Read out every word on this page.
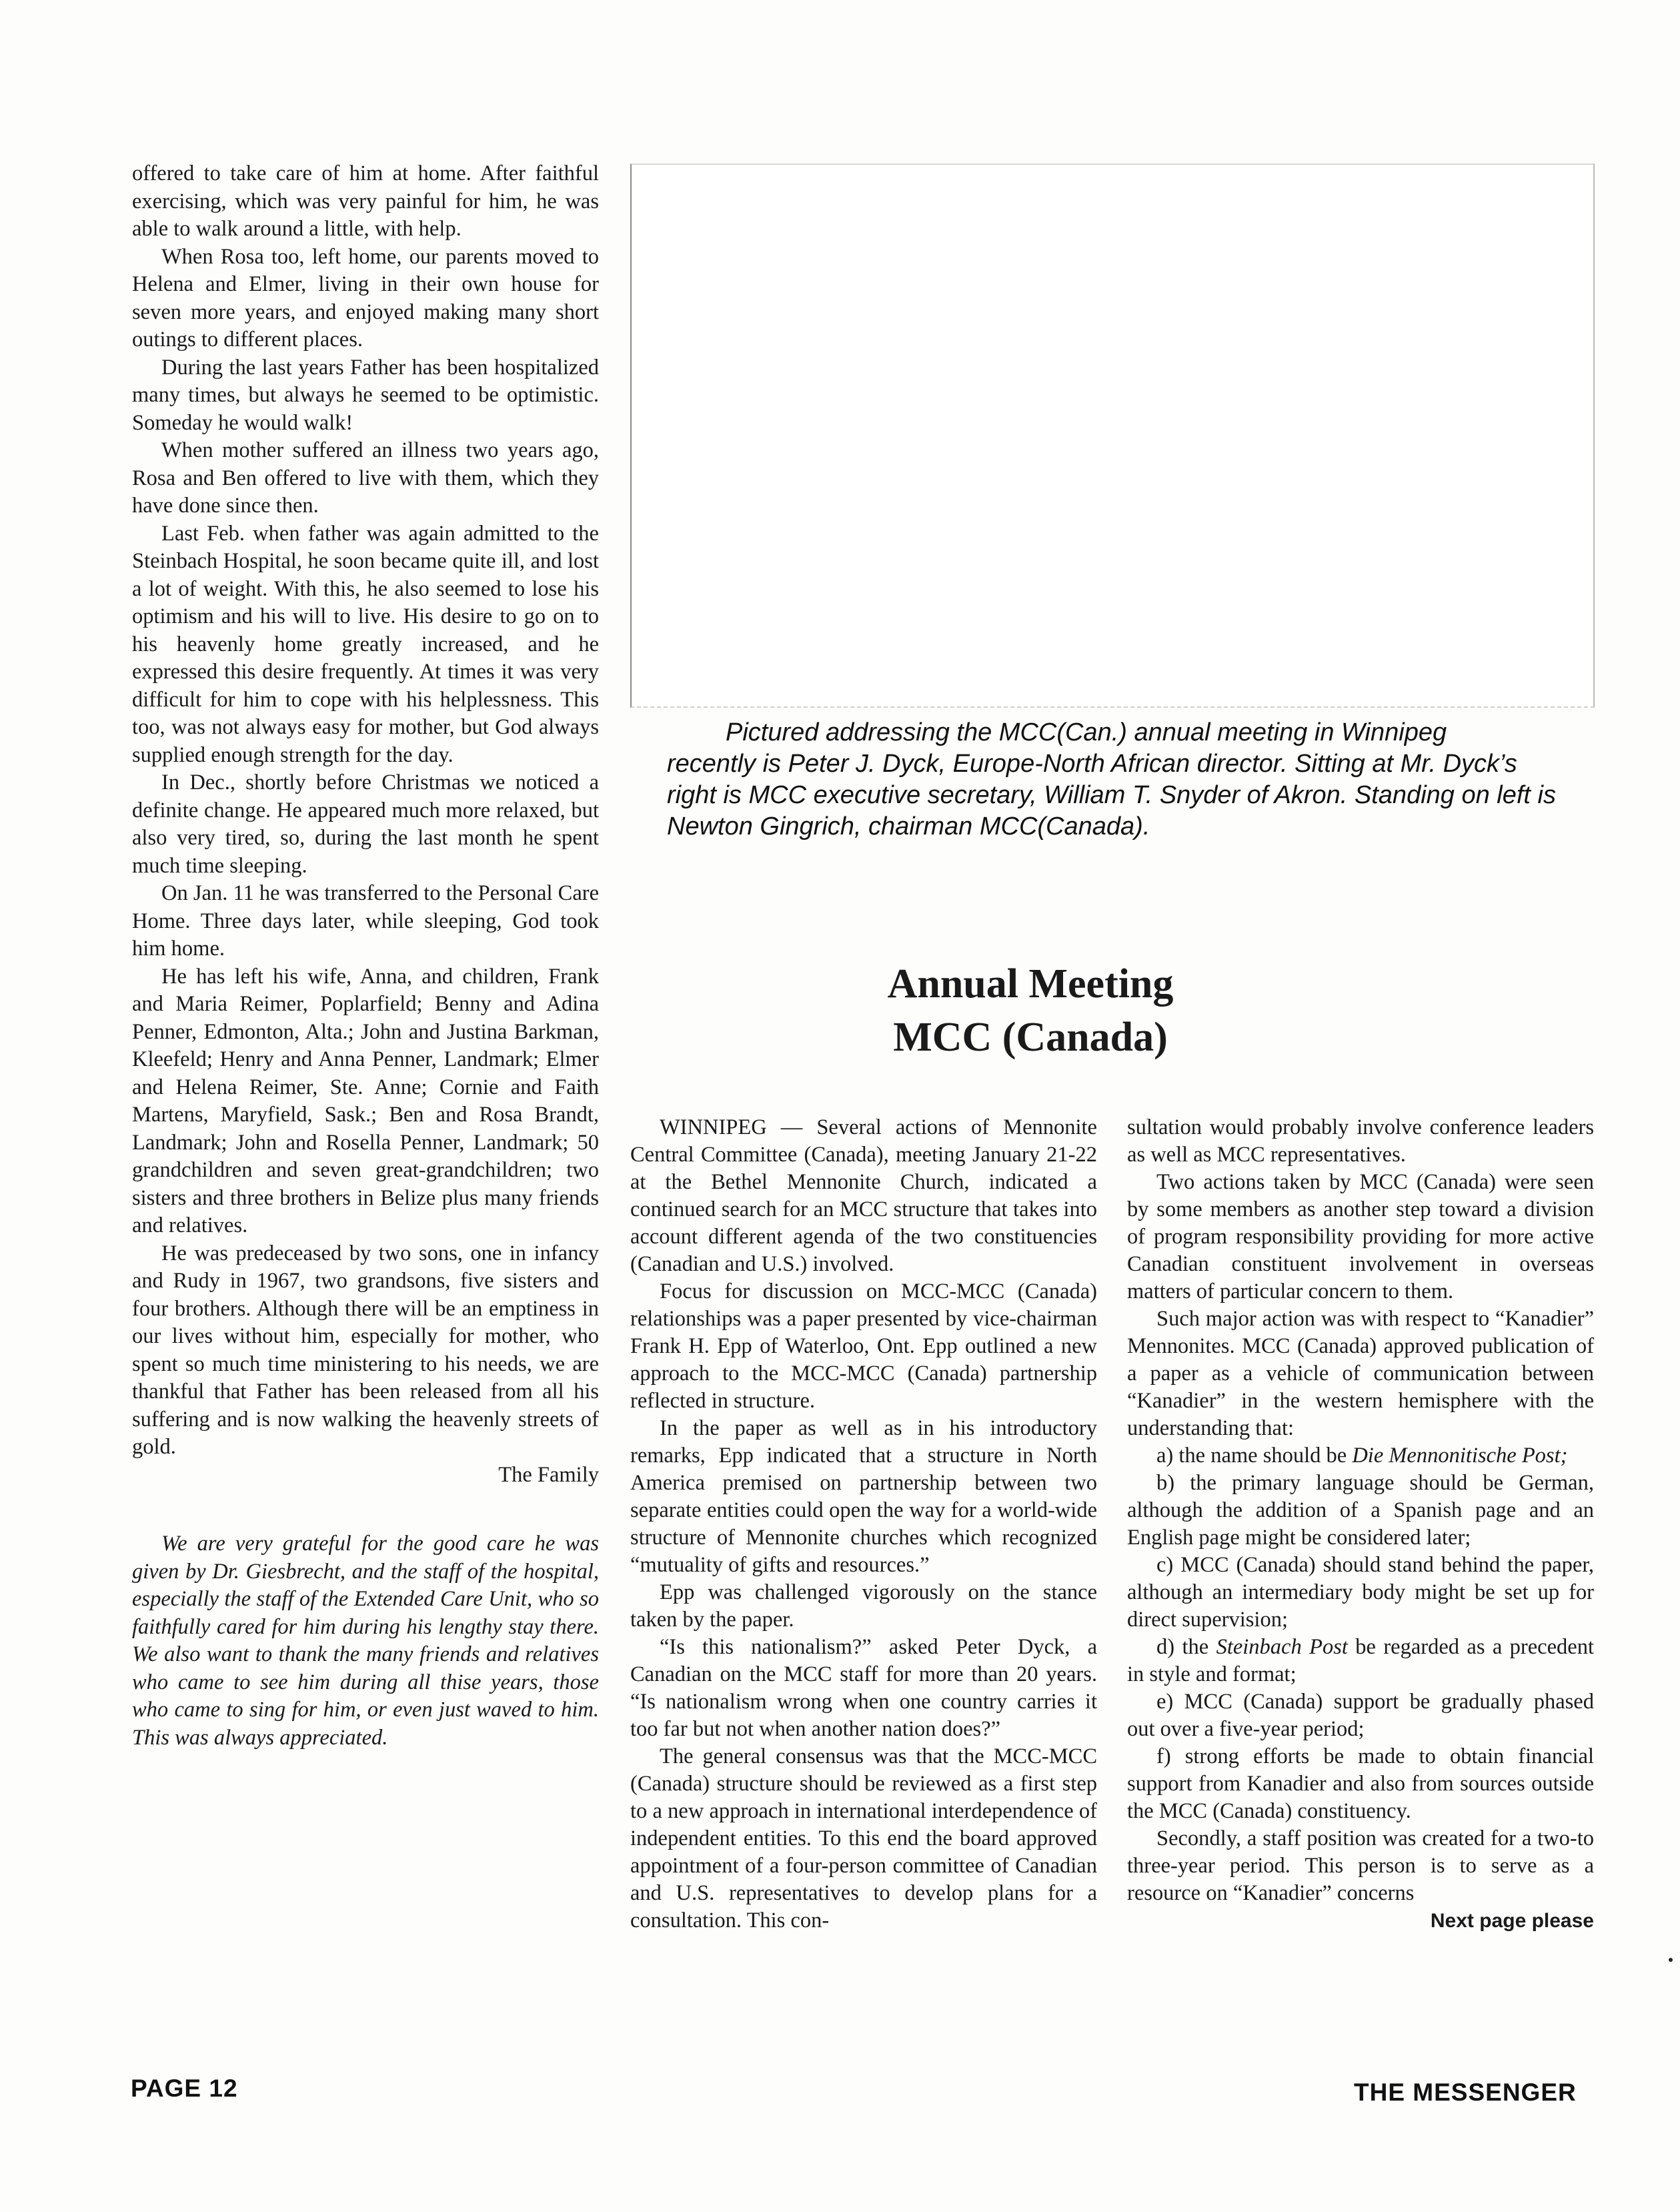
offered to take care of him at home. After faithful exercising, which was very painful for him, he was able to walk around a little, with help.

When Rosa too, left home, our parents moved to Helena and Elmer, living in their own house for seven more years, and enjoyed making many short outings to different places.

During the last years Father has been hospitalized many times, but always he seemed to be optimistic. Someday he would walk!

When mother suffered an illness two years ago, Rosa and Ben offered to live with them, which they have done since then.

Last Feb. when father was again admitted to the Steinbach Hospital, he soon became quite ill, and lost a lot of weight. With this, he also seemed to lose his optimism and his will to live. His desire to go on to his heavenly home greatly increased, and he expressed this desire frequently. At times it was very difficult for him to cope with his helplessness. This too, was not always easy for mother, but God always supplied enough strength for the day.

In Dec., shortly before Christmas we noticed a definite change. He appeared much more relaxed, but also very tired, so, during the last month he spent much time sleeping.

On Jan. 11 he was transferred to the Personal Care Home. Three days later, while sleeping, God took him home.

He has left his wife, Anna, and children, Frank and Maria Reimer, Poplarfield; Benny and Adina Penner, Edmonton, Alta.; John and Justina Barkman, Kleefeld; Henry and Anna Penner, Landmark; Elmer and Helena Reimer, Ste. Anne; Cornie and Faith Martens, Maryfield, Sask.; Ben and Rosa Brandt, Landmark; John and Rosella Penner, Landmark; 50 grandchildren and seven great-grandchildren; two sisters and three brothers in Belize plus many friends and relatives.

He was predeceased by two sons, one in infancy and Rudy in 1967, two grandsons, five sisters and four brothers. Although there will be an emptiness in our lives without him, especially for mother, who spent so much time ministering to his needs, we are thankful that Father has been released from all his suffering and is now walking the heavenly streets of gold.

The Family

We are very grateful for the good care he was given by Dr. Giesbrecht, and the staff of the hospital, especially the staff of the Extended Care Unit, who so faithfully cared for him during his lengthy stay there. We also want to thank the many friends and relatives who came to see him during all thise years, those who came to sing for him, or even just waved to him. This was always appreciated.

Pictured addressing the MCC(Can.) annual meeting in Winnipeg
recently is Peter J. Dyck, Europe-North African director. Sitting at Mr. Dyck’s right is MCC executive secretary, William T. Snyder of Akron. Standing on left is Newton Gingrich, chairman MCC(Canada).
Annual Meeting
MCC (Canada)

WINNIPEG — Several actions of Mennonite Central Committee (Canada), meeting January 21-22 at the Bethel Mennonite Church, indicated a continued search for an MCC structure that takes into account different agenda of the two constituencies (Canadian and U.S.) involved.

Focus for discussion on MCC-MCC (Canada) relationships was a paper presented by vice-chairman Frank H. Epp of Waterloo, Ont. Epp outlined a new approach to the MCC-MCC (Canada) partnership reflected in structure.

In the paper as well as in his introductory remarks, Epp indicated that a structure in North America premised on partnership between two separate entities could open the way for a world-wide structure of Mennonite churches which recognized “mutuality of gifts and resources.”

Epp was challenged vigorously on the stance taken by the paper.

“Is this nationalism?” asked Peter Dyck, a Canadian on the MCC staff for more than 20 years. “Is nationalism wrong when one country carries it too far but not when another nation does?”

The general consensus was that the MCC-MCC (Canada) structure should be reviewed as a first step to a new approach in international interdependence of independent entities. To this end the board approved appointment of a four-person committee of Canadian and U.S. representatives to develop plans for a consultation. This con-

sultation would probably involve conference leaders as well as MCC representatives.

Two actions taken by MCC (Canada) were seen by some members as another step toward a division of program responsibility providing for more active Canadian constituent involvement in overseas matters of particular concern to them.

Such major action was with respect to “Kanadier” Mennonites. MCC (Canada) approved publication of a paper as a vehicle of communication between “Kanadier” in the western hemisphere with the understanding that:

a) the name should be Die Mennonitische Post;

b) the primary language should be German, although the addition of a Spanish page and an English page might be considered later;

c) MCC (Canada) should stand behind the paper, although an intermediary body might be set up for direct supervision;

d) the Steinbach Post be regarded as a precedent in style and format;

e) MCC (Canada) support be gradually phased out over a five-year period;

f) strong efforts be made to obtain financial support from Kanadier and also from sources outside the MCC (Canada) constituency.

Secondly, a staff position was created for a two-to three-year period. This person is to serve as a resource on “Kanadier” concerns

Next page please

PAGE 12	THE MESSENGER
